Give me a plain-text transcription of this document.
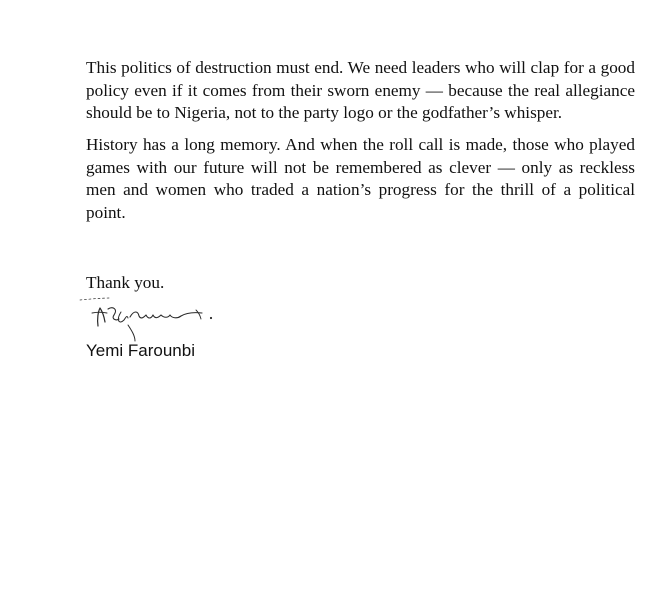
This politics of destruction must end. We need leaders who will clap for a good policy even if it comes from their sworn enemy — because the real allegiance should be to Nigeria, not to the party logo or the godfather’s whisper.

History has a long memory. And when the roll call is made, those who played games with our future will not be remembered as clever — only as reckless men and women who traded a nation’s progress for the thrill of a political point.

Thank you.

Yemi Farounbi
